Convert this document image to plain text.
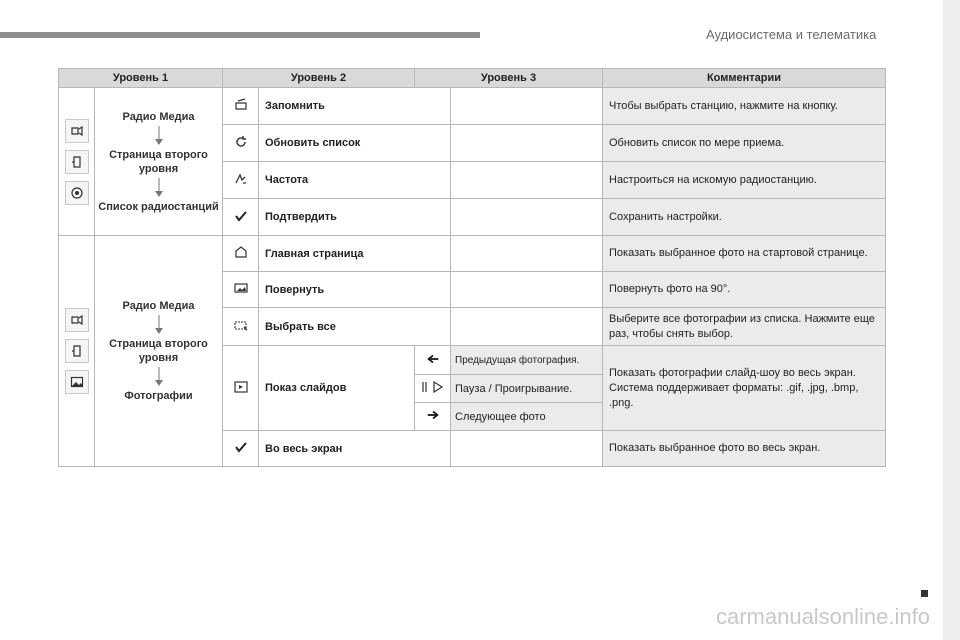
Аудиосистема и телематика
Уровень 1		Уровень 2		Уровень 3		Комментарии

Радио Медиа
Страница второго уровня
Список радиостанций		Запомнить			Чтобы выбрать станцию, нажмите на кнопку.
	Обновить список			Обновить список по мере приема.
	Частота			Настроиться на искомую радиостанцию.
	Подтвердить			Сохранить настройки.

Радио Медиа
Страница второго уровня
Фотографии		Главная страница			Показать выбранное фото на стартовой странице.
	Повернуть			Повернуть фото на 90°.
	Выбрать все			Выберите все фотографии из списка. Нажмите еще раз, чтобы снять выбор.
	Показ слайдов		Предыдущая фотография.	Показать фотографии слайд-шоу во весь экран. Система поддерживает форматы: .gif, .jpg, .bmp, .png.
	Пауза / Проигрывание.	
	Следующее фото	
	Во весь экран			Показать выбранное фото во весь экран.
carmanualsonline.info
